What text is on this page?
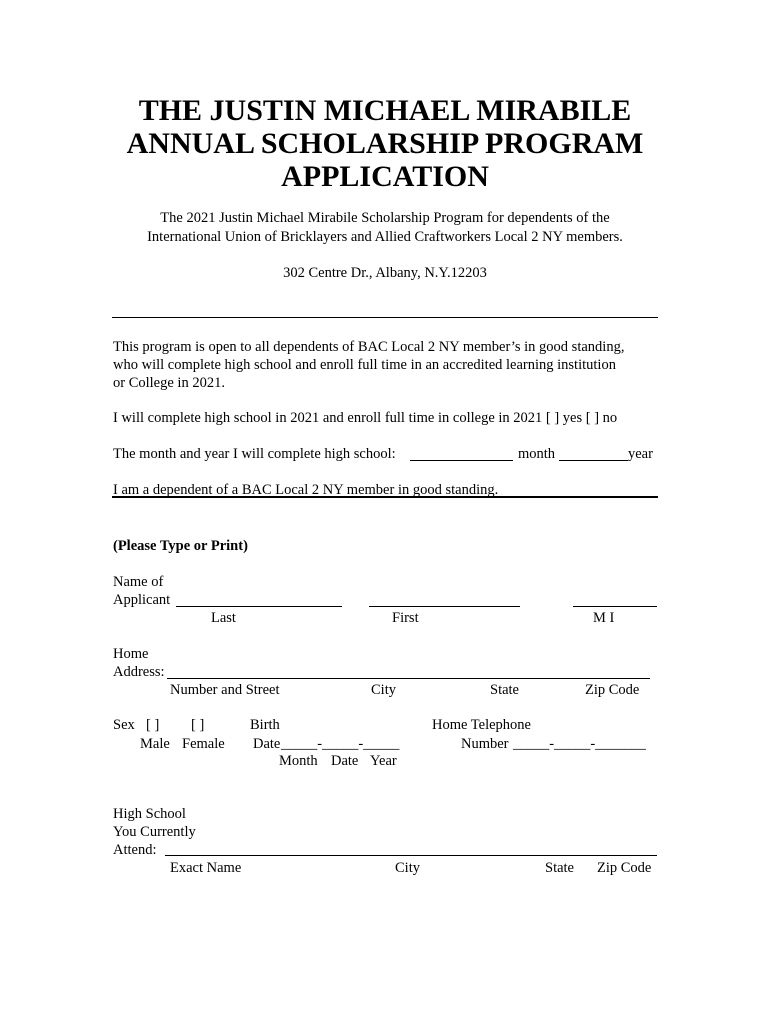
THE JUSTIN MICHAEL MIRABILE
ANNUAL SCHOLARSHIP PROGRAM
APPLICATION
The 2021 Justin Michael Mirabile Scholarship Program for dependents of the
International Union of Bricklayers and Allied Craftworkers Local 2 NY members.
302 Centre Dr., Albany, N.Y.12203
This program is open to all dependents of BAC Local 2 NY member’s in good standing,
who will complete high school and enroll full time in an accredited learning institution
or College in 2021.
I will complete high school in 2021 and enroll full time in college in 2021 [ ] yes [ ] no
The month and year I will complete high school:	month	year
I am a dependent of a BAC Local 2 NY member in good standing.
(Please Type or Print)
Name of
Applicant
Last	First	M I
Home
Address:
Number and Street	City	State	Zip Code
Sex [ ] [ ]
Male Female
Birth
Date _____-_____-_____
Month Date Year
Home Telephone
Number _____-_____-_______
High School
You Currently
Attend:
Exact Name	City	State Zip Code
